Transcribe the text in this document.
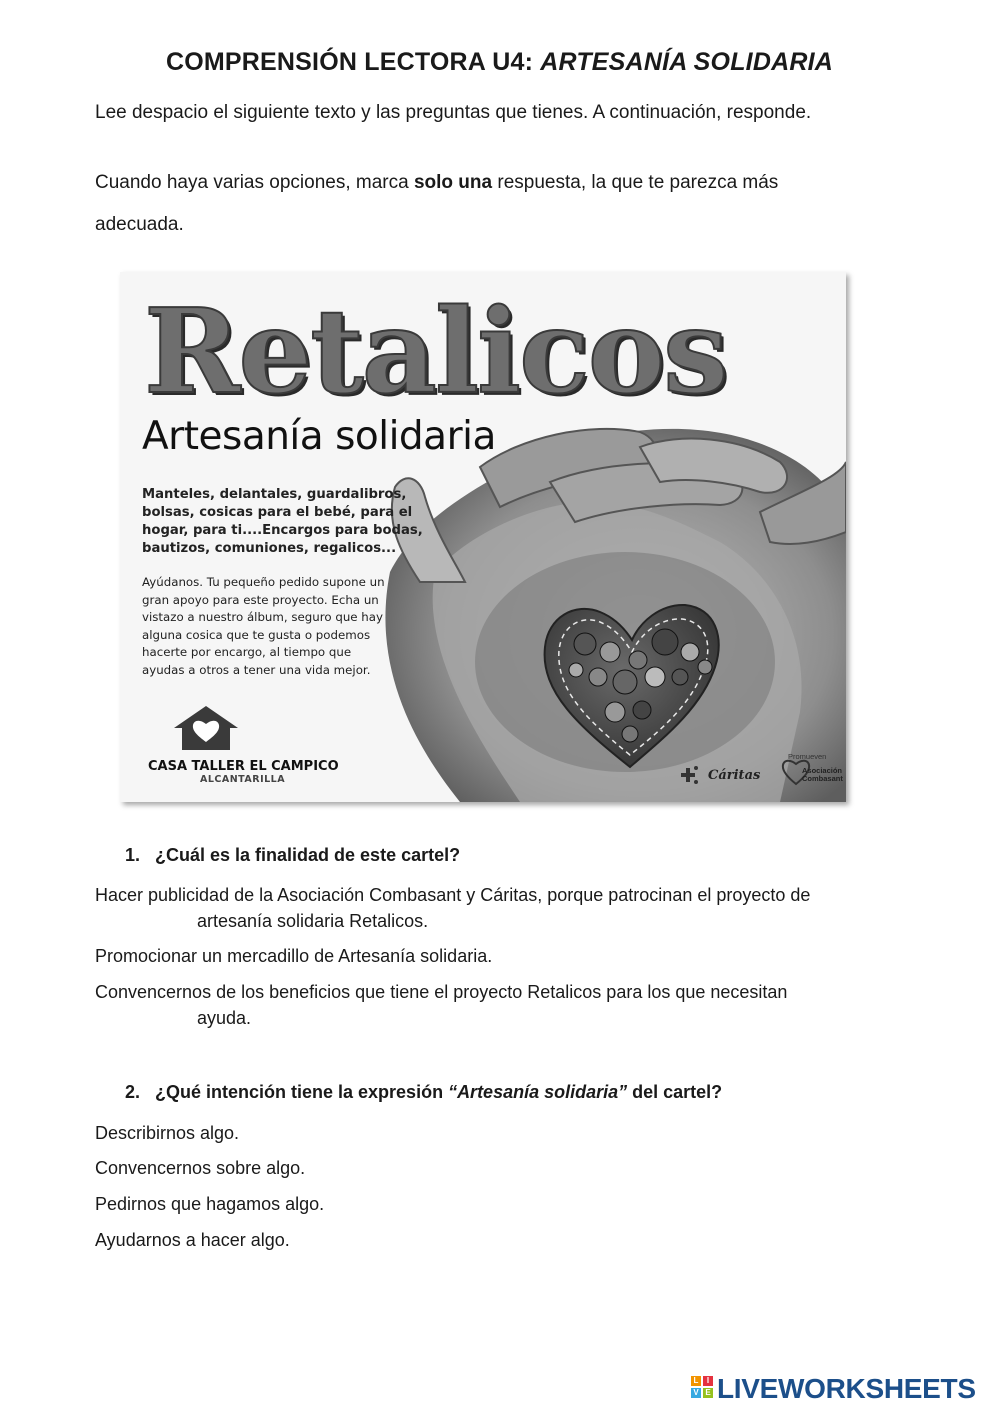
COMPRENSIÓN LECTORA U4: ARTESANÍA SOLIDARIA
Lee despacio el siguiente texto y las preguntas que tienes. A continuación, responde.
Cuando haya varias opciones, marca solo una respuesta, la que te parezca más
adecuada.
Retalicos
Artesanía solidaria
Manteles, delantales, guardalibros, bolsas, cosicas para el bebé, para el hogar, para ti....Encargos para bodas, bautizos, comuniones, regalicos...
Ayúdanos. Tu pequeño pedido supone un gran apoyo para este proyecto. Echa un vistazo a nuestro álbum, seguro que hay alguna cosica que te gusta o podemos hacerte por encargo, al tiempo que ayudas a otros a tener una vida mejor.
CASA TALLER EL CAMPICO
ALCANTARILLA
Promueven
Cáritas	Asociación Combasant
1. ¿Cuál es la finalidad de este cartel?
Hacer publicidad de la Asociación Combasant y Cáritas, porque patrocinan el proyecto de
artesanía solidaria Retalicos.
Promocionar un mercadillo de Artesanía solidaria.
Convencernos de los beneficios que tiene el proyecto Retalicos para los que necesitan
ayuda.
2. ¿Qué intención tiene la expresión “Artesanía solidaria” del cartel?
Describirnos algo.
Convencernos sobre algo.
Pedirnos que hagamos algo.
Ayudarnos a hacer algo.
L	I
V E LIVEWORKSHEETS
